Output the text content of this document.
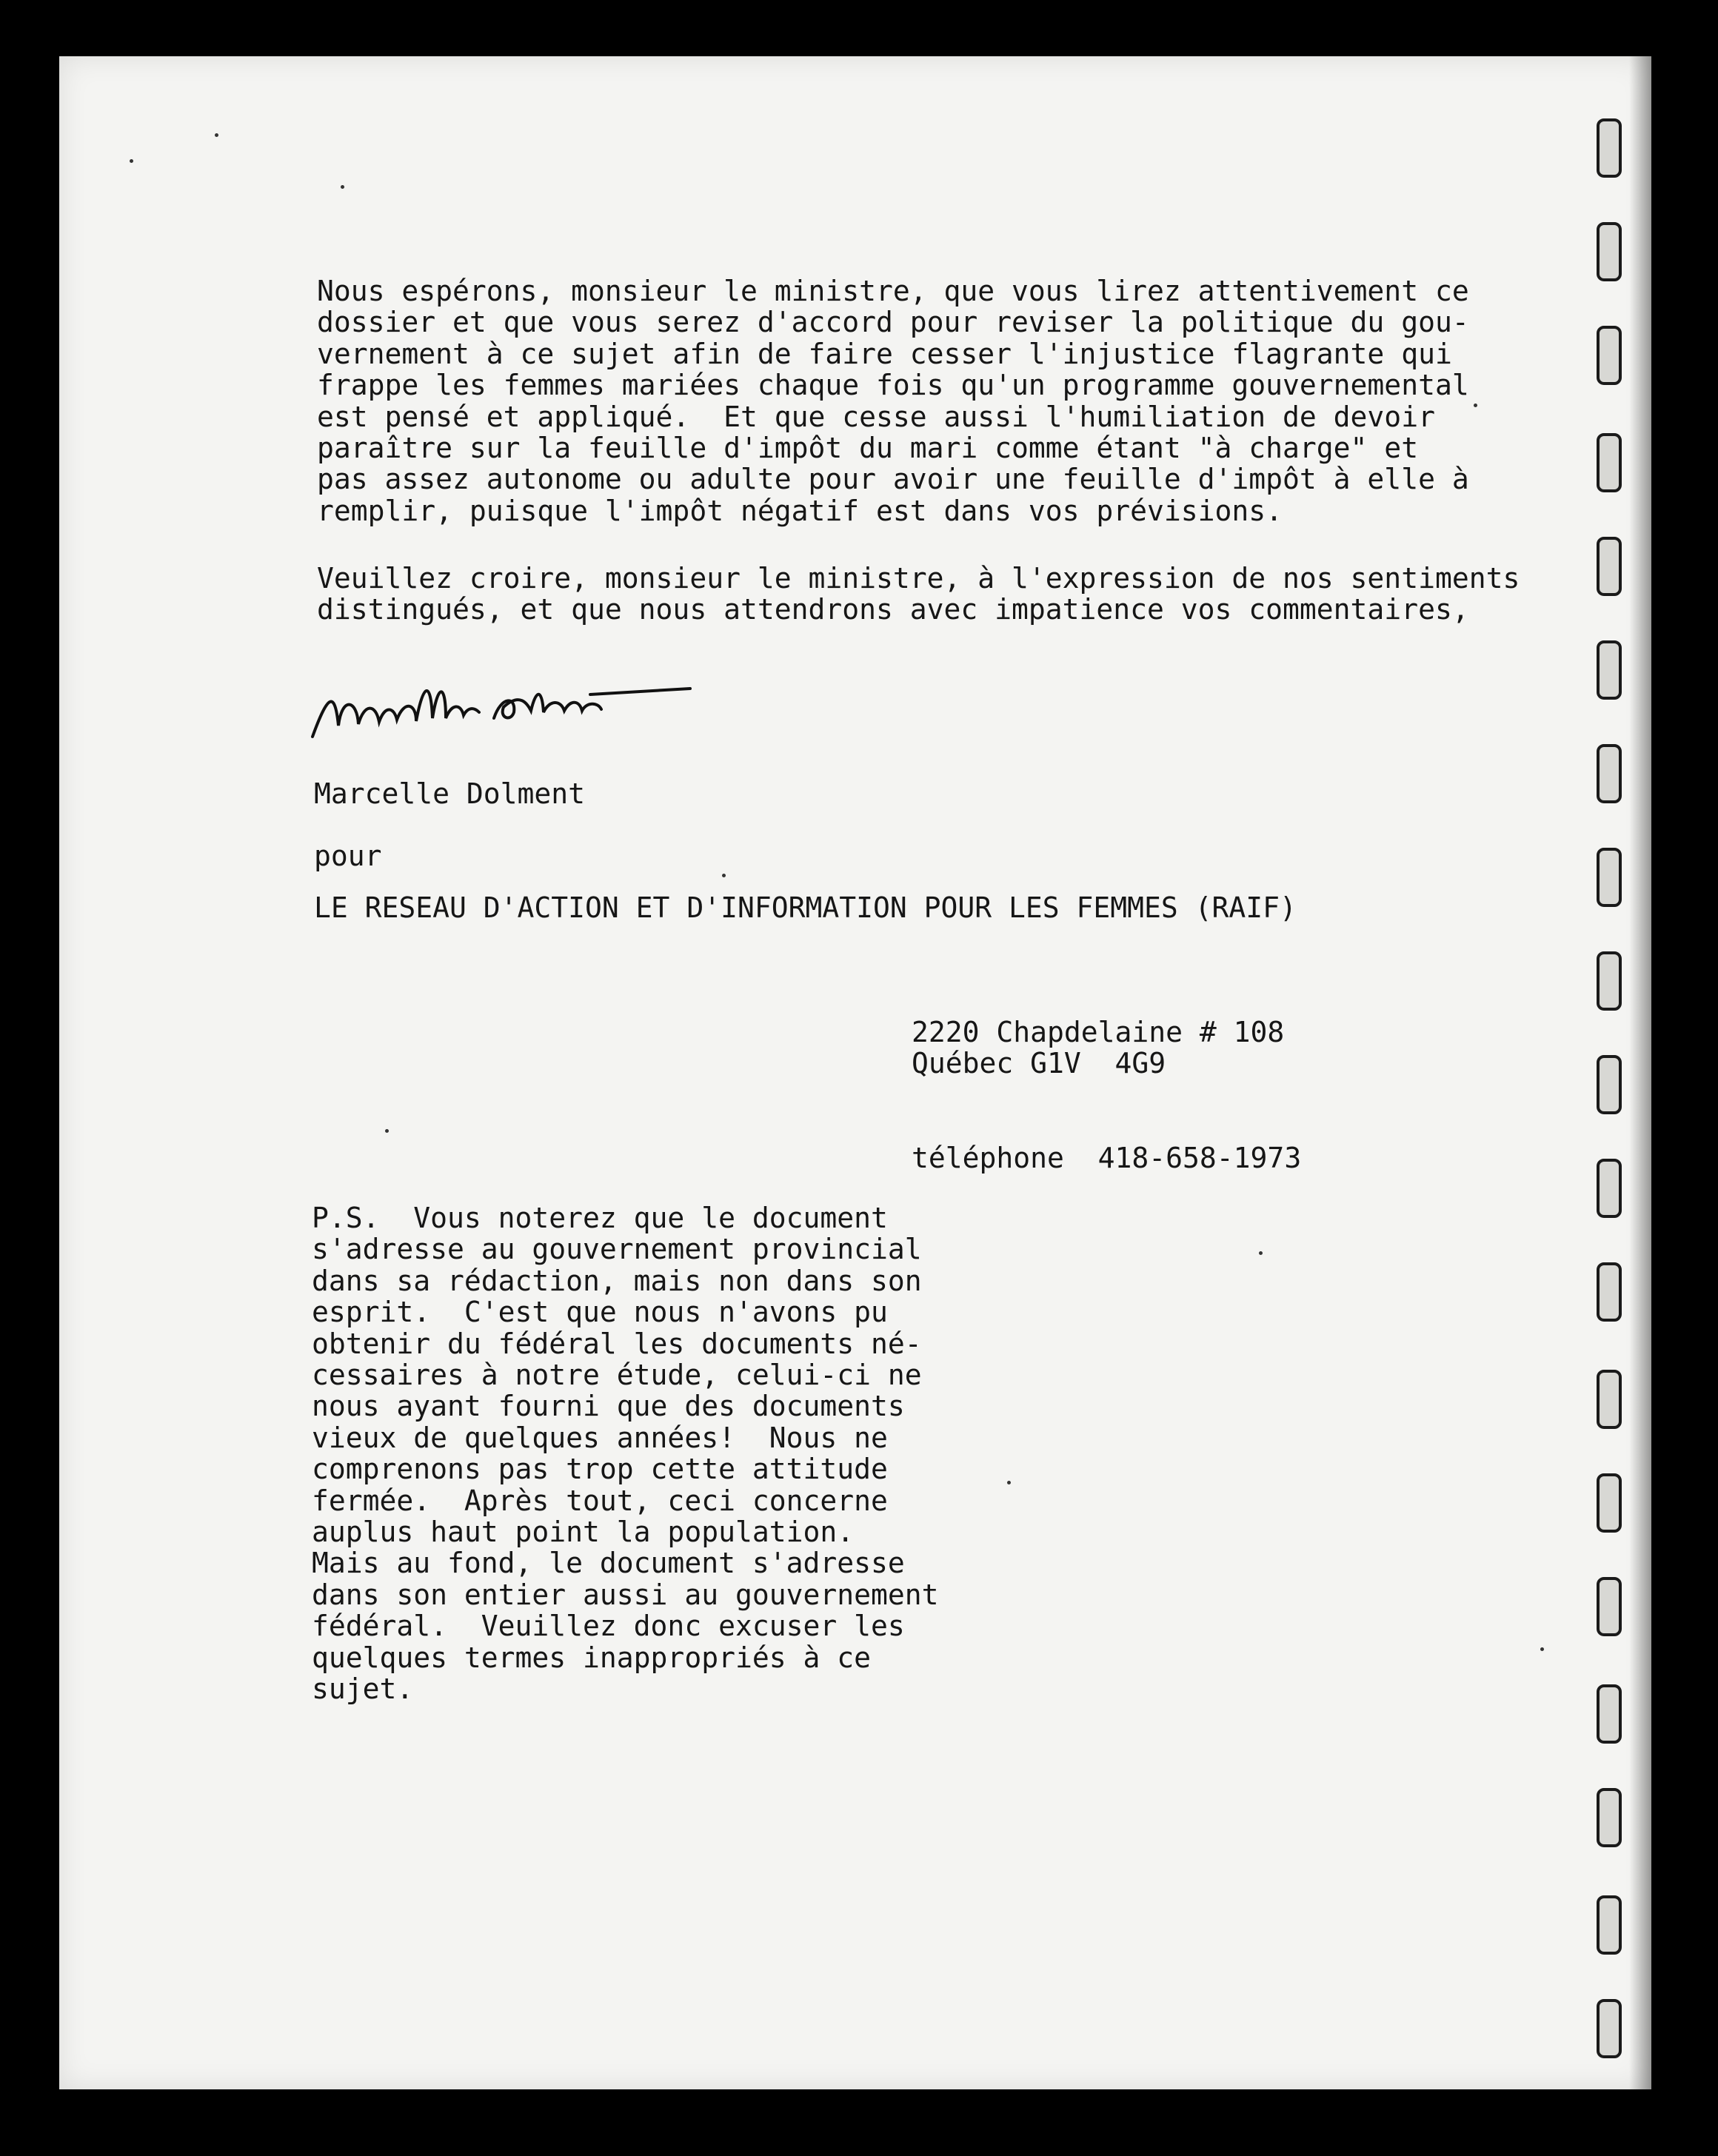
Nous espérons, monsieur le ministre, que vous lirez attentivement ce
dossier et que vous serez d'accord pour reviser la politique du gou-
vernement à ce sujet afin de faire cesser l'injustice flagrante qui
frappe les femmes mariées chaque fois qu'un programme gouvernemental
est pensé et appliqué.  Et que cesse aussi l'humiliation de devoir
paraître sur la feuille d'impôt du mari comme étant "à charge" et
pas assez autonome ou adulte pour avoir une feuille d'impôt à elle à
remplir, puisque l'impôt négatif est dans vos prévisions.
Veuillez croire, monsieur le ministre, à l'expression de nos sentiments
distingués, et que nous attendrons avec impatience vos commentaires,
Marcelle Dolment
pour
LE RESEAU D'ACTION ET D'INFORMATION POUR LES FEMMES (RAIF)
2220 Chapdelaine # 108
Québec G1V  4G9
téléphone  418-658-1973
P.S.  Vous noterez que le document
s'adresse au gouvernement provincial
dans sa rédaction, mais non dans son
esprit.  C'est que nous n'avons pu
obtenir du fédéral les documents né-
cessaires à notre étude, celui-ci ne
nous ayant fourni que des documents
vieux de quelques années!  Nous ne
comprenons pas trop cette attitude
fermée.  Après tout, ceci concerne
auplus haut point la population.
Mais au fond, le document s'adresse
dans son entier aussi au gouvernement
fédéral.  Veuillez donc excuser les
quelques termes inappropriés à ce
sujet.
